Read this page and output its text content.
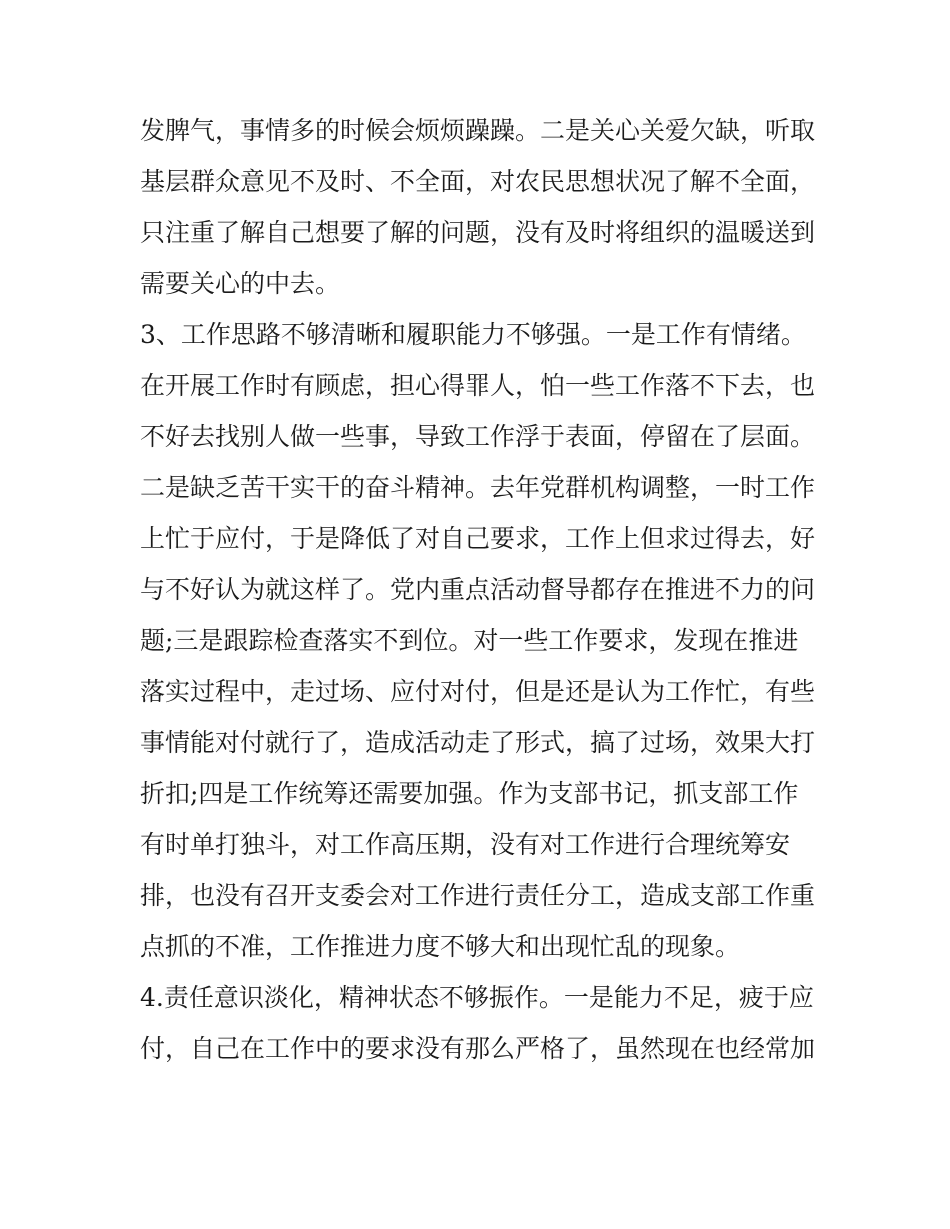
发脾气，事情多的时候会烦烦躁躁。二是关心关爱欠缺，听取
基层群众意见不及时、不全面，对农民思想状况了解不全面，
只注重了解自己想要了解的问题，没有及时将组织的温暖送到
需要关心的中去。
3、工作思路不够清晰和履职能力不够强。一是工作有情绪。
在开展工作时有顾虑，担心得罪人，怕一些工作落不下去，也
不好去找别人做一些事，导致工作浮于表面，停留在了层面。
二是缺乏苦干实干的奋斗精神。去年党群机构调整，一时工作
上忙于应付，于是降低了对自己要求，工作上但求过得去，好
与不好认为就这样了。党内重点活动督导都存在推进不力的问
题;三是跟踪检查落实不到位。对一些工作要求，发现在推进
落实过程中，走过场、应付对付，但是还是认为工作忙，有些
事情能对付就行了，造成活动走了形式，搞了过场，效果大打
折扣;四是工作统筹还需要加强。作为支部书记，抓支部工作
有时单打独斗，对工作高压期，没有对工作进行合理统筹安
排，也没有召开支委会对工作进行责任分工，造成支部工作重
点抓的不准，工作推进力度不够大和出现忙乱的现象。
4.责任意识淡化，精神状态不够振作。一是能力不足，疲于应
付，自己在工作中的要求没有那么严格了，虽然现在也经常加
